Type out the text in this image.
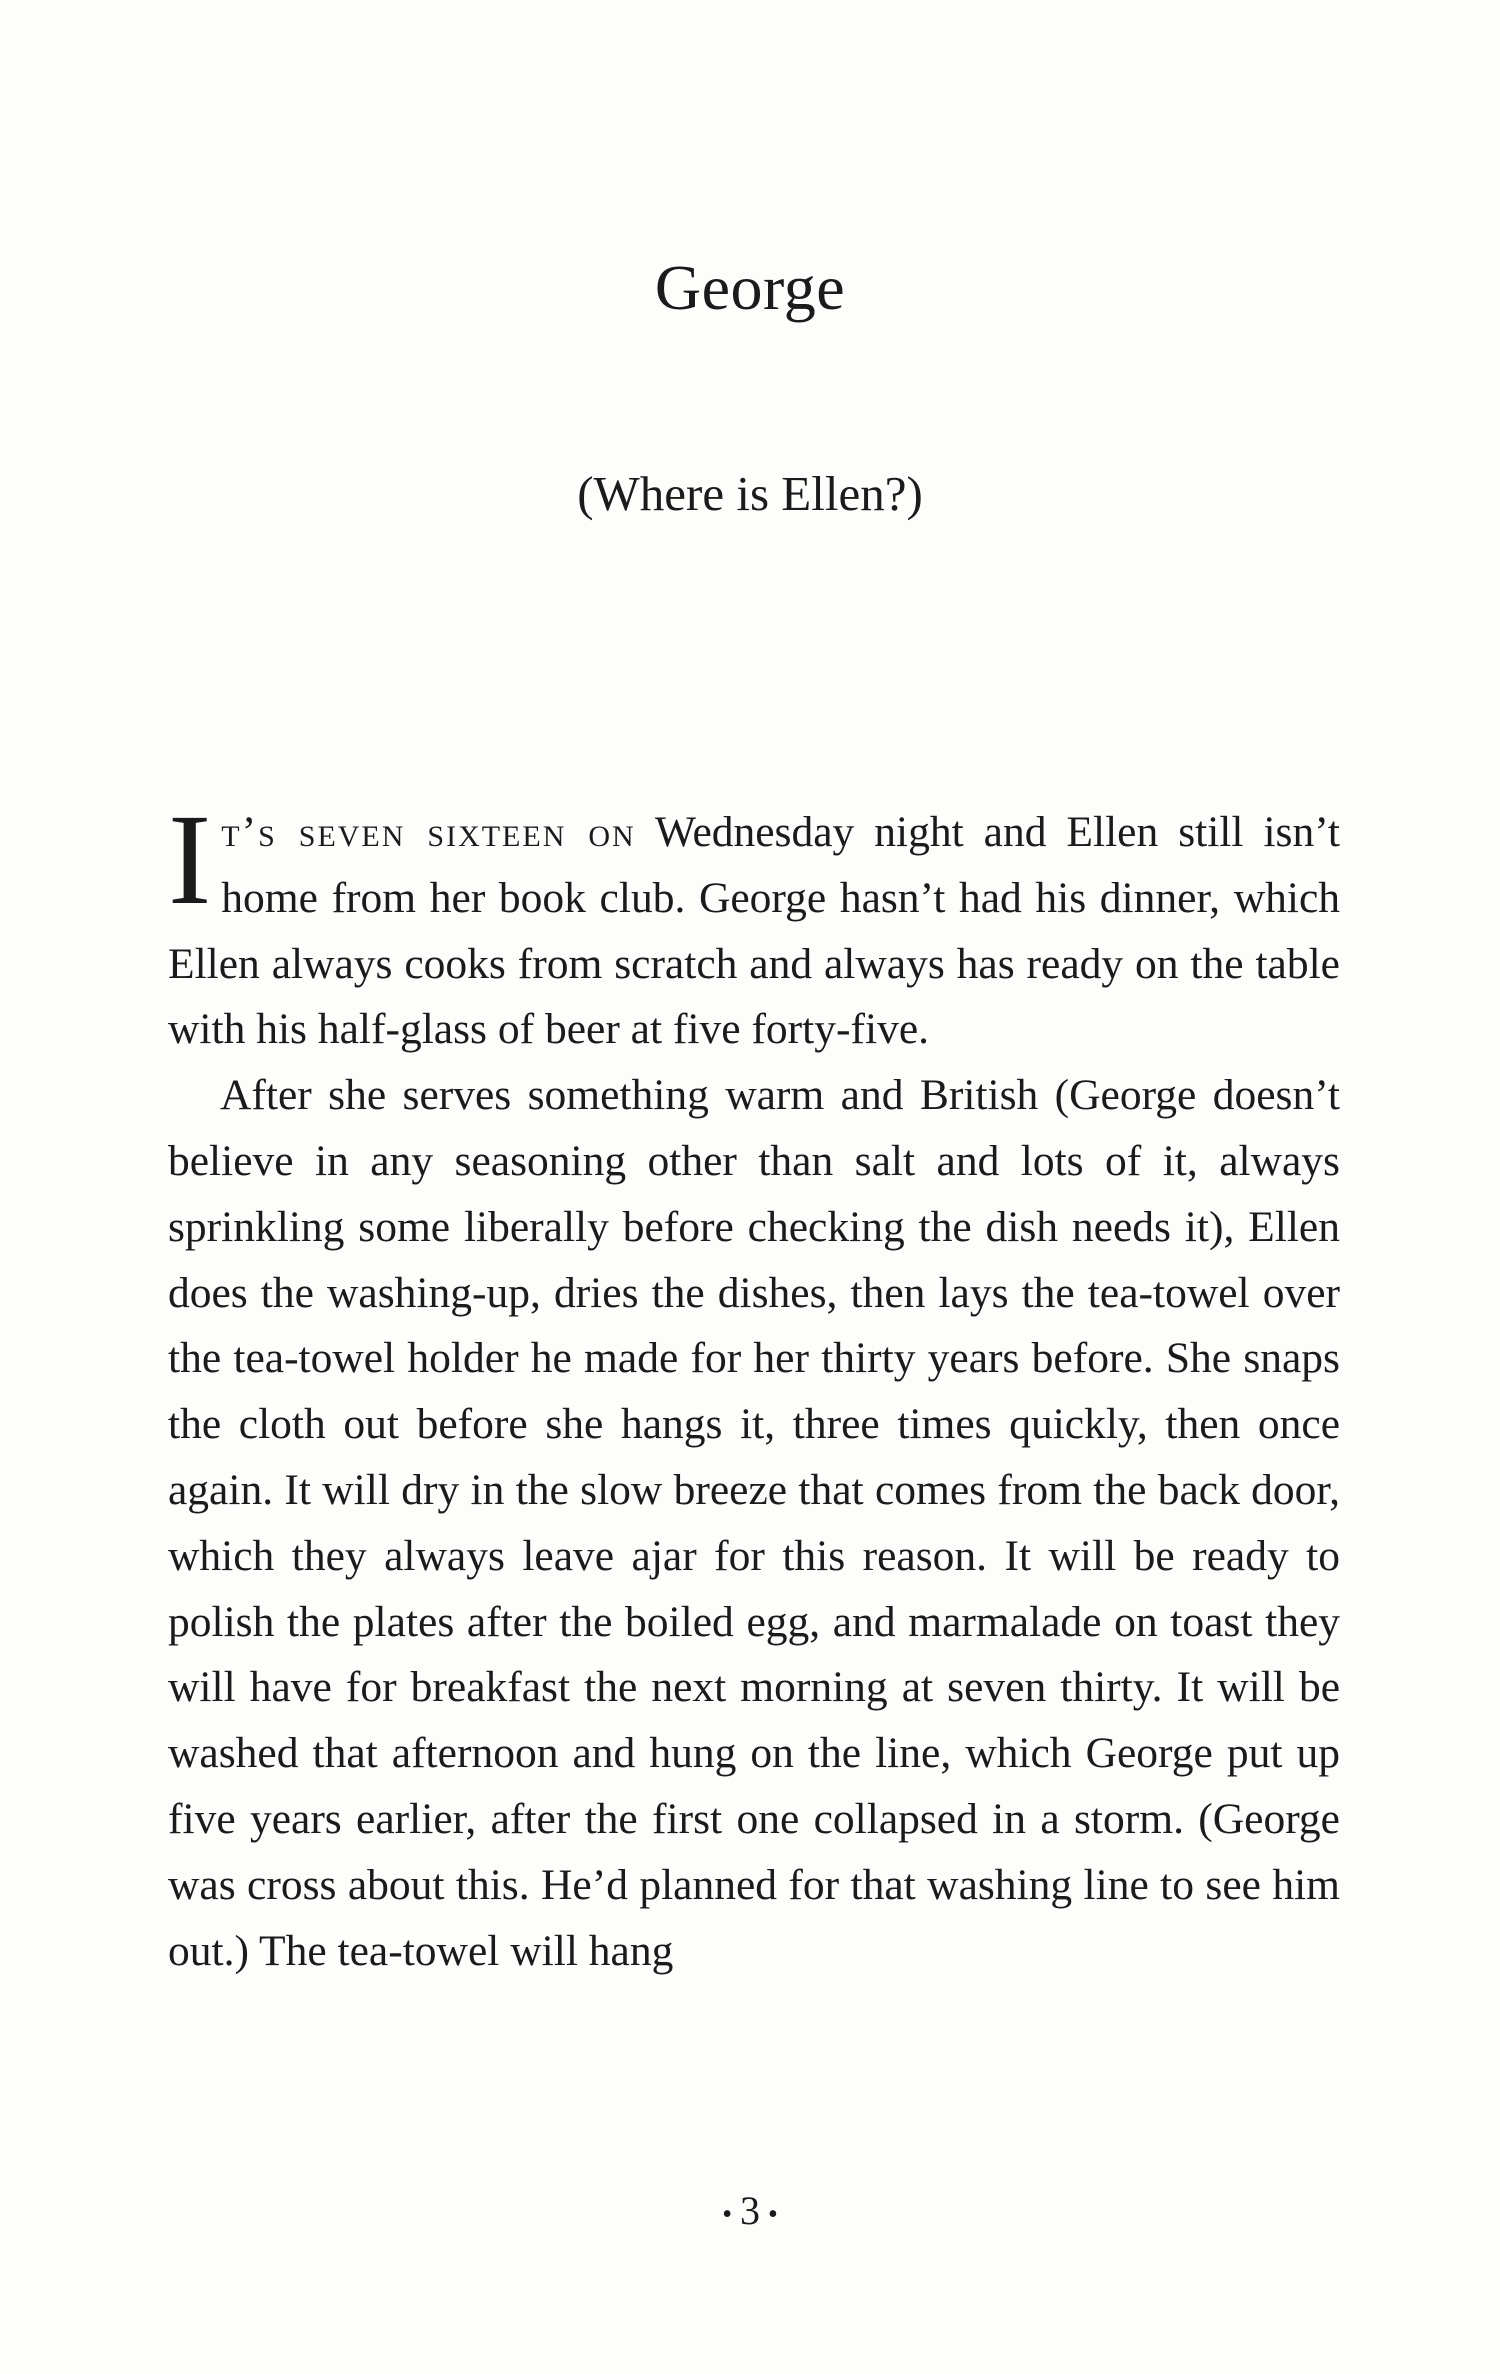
George
(Where is Ellen?)

It’s seven sixteen on Wednesday night and Ellen still isn’t home from her book club. George hasn’t had his dinner, which Ellen always cooks from scratch and always has ready on the table with his half-glass of beer at five forty-five.

After she serves something warm and British (George doesn’t believe in any seasoning other than salt and lots of it, always sprinkling some liberally before checking the dish needs it), Ellen does the washing-up, dries the dishes, then lays the tea-towel over the tea-towel holder he made for her thirty years before. She snaps the cloth out before she hangs it, three times quickly, then once again. It will dry in the slow breeze that comes from the back door, which they always leave ajar for this reason. It will be ready to polish the plates after the boiled egg, and marmalade on toast they will have for breakfast the next morning at seven thirty. It will be washed that afternoon and hung on the line, which George put up five years earlier, after the first one collapsed in a storm. (George was cross about this. He’d planned for that washing line to see him out.) The tea-towel will hang

• 3 •
